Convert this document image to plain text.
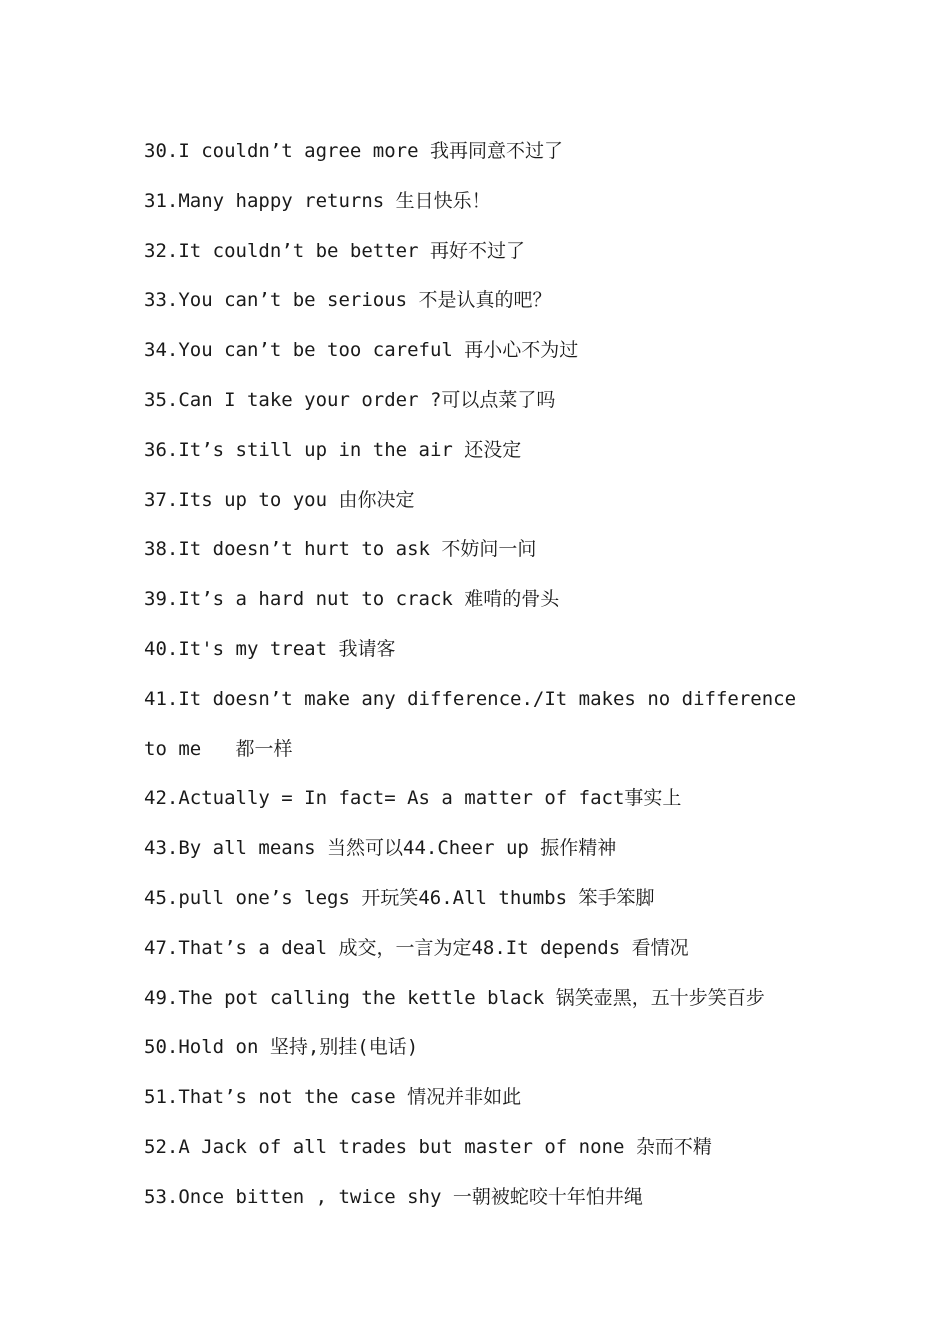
30.I couldn’t agree more 我再同意不过了
31.Many happy returns 生日快乐！
32.It couldn’t be better 再好不过了
33.You can’t be serious 不是认真的吧？
34.You can’t be too careful 再小心不为过
35.Can I take your order ?可以点菜了吗
36.It’s still up in the air 还没定
37.Its up to you 由你决定
38.It doesn’t hurt to ask 不妨问一问
39.It’s a hard nut to crack 难啃的骨头
40.It's my treat 我请客
41.It doesn’t make any difference./It makes no difference
to me   都一样
42.Actually = In fact= As a matter of fact事实上
43.By all means 当然可以44.Cheer up 振作精神
45.pull one’s legs 开玩笑46.All thumbs 笨手笨脚
47.That’s a deal 成交，一言为定48.It depends 看情况
49.The pot calling the kettle black 锅笑壶黑，五十步笑百步
50.Hold on 坚持,别挂(电话)
51.That’s not the case 情况并非如此
52.A Jack of all trades but master of none 杂而不精
53.Once bitten , twice shy 一朝被蛇咬十年怕井绳
